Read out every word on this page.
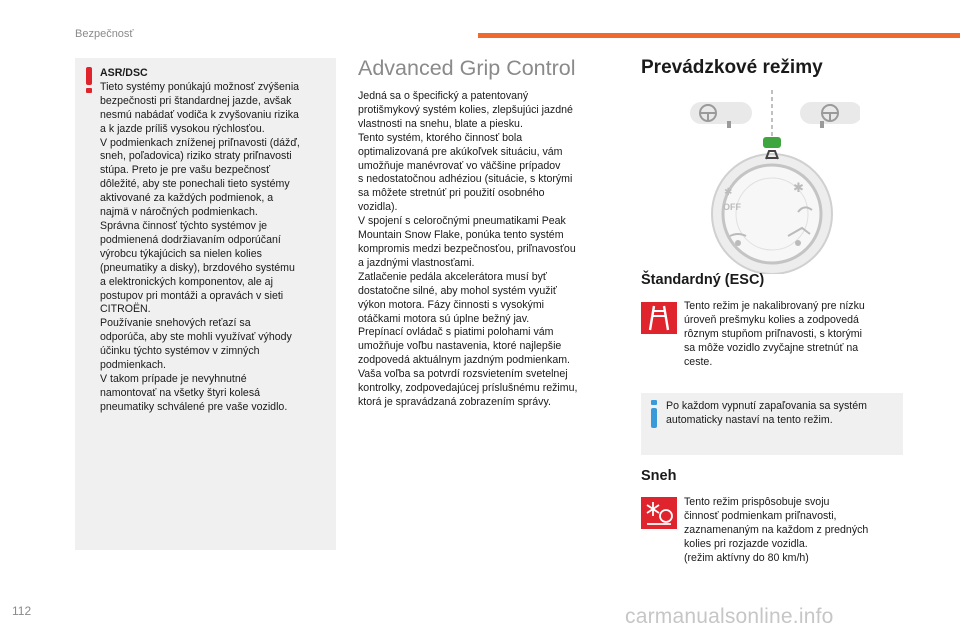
Bezpečnosť
ASR/DSC
Tieto systémy ponúkajú možnosť zvýšenia
bezpečnosti pri štandardnej jazde, avšak
nesmú nabádať vodiča k zvyšovaniu rizika
a k jazde príliš vysokou rýchlosťou.
V podmienkach zníženej priľnavosti (dážď,
sneh, poľadovica) riziko straty priľnavosti
stúpa. Preto je pre vašu bezpečnosť
dôležité, aby ste ponechali tieto systémy
aktivované za každých podmienok, a
najmä v náročných podmienkach.
Správna činnosť týchto systémov je
podmienená dodržiavaním odporúčaní
výrobcu týkajúcich sa nielen kolies
(pneumatiky a disky), brzdového systému
a elektronických komponentov, ale aj
postupov pri montáži a opravách v sieti
CITROËN.
Používanie snehových reťazí sa
odporúča, aby ste mohli využívať výhody
účinku týchto systémov v zimných
podmienkach.
V takom prípade je nevyhnutné
namontovať na všetky štyri kolesá
pneumatiky schválené pre vaše vozidlo.
Advanced Grip Control
Jedná sa o špecifický a patentovaný
protišmykový systém kolies, zlepšujúci jazdné
vlastnosti na snehu, blate a piesku.
Tento systém, ktorého činnosť bola
optimalizovaná pre akúkoľvek situáciu, vám
umožňuje manévrovať vo väčšine prípadov
s nedostatočnou adhéziou (situácie, s ktorými
sa môžete stretnúť pri použití osobného
vozidla).
V spojení s celoročnými pneumatikami Peak
Mountain Snow Flake, ponúka tento systém
kompromis medzi bezpečnosťou, priľnavosťou
a jazdnými vlastnosťami.
Zatlačenie pedála akcelerátora musí byť
dostatočne silné, aby mohol systém využiť
výkon motora. Fázy činnosti s vysokými
otáčkami motora sú úplne bežný jav.
Prepínací ovládač s piatimi polohami vám
umožňuje voľbu nastavenia, ktoré najlepšie
zodpovedá aktuálnym jazdným podmienkam.
Vaša voľba sa potvrdí rozsvietením svetelnej
kontrolky, zodpovedajúcej príslušnému režimu,
ktorá je spravádzaná zobrazením správy.
Prevádzkové režimy
✱
OFF
✱
Štandardný (ESC)
Tento režim je nakalibrovaný pre nízku
úroveň prešmyku kolies a zodpovedá
rôznym stupňom priľnavosti, s ktorými
sa môže vozidlo zvyčajne stretnúť na
ceste.
Po každom vypnutí zapaľovania sa systém
automaticky nastaví na tento režim.
Sneh
Tento režim prispôsobuje svoju
činnosť podmienkam priľnavosti,
zaznamenaným na každom z predných
kolies pri rozjazde vozidla.
(režim aktívny do 80 km/h)
112	carmanualsonline.info
